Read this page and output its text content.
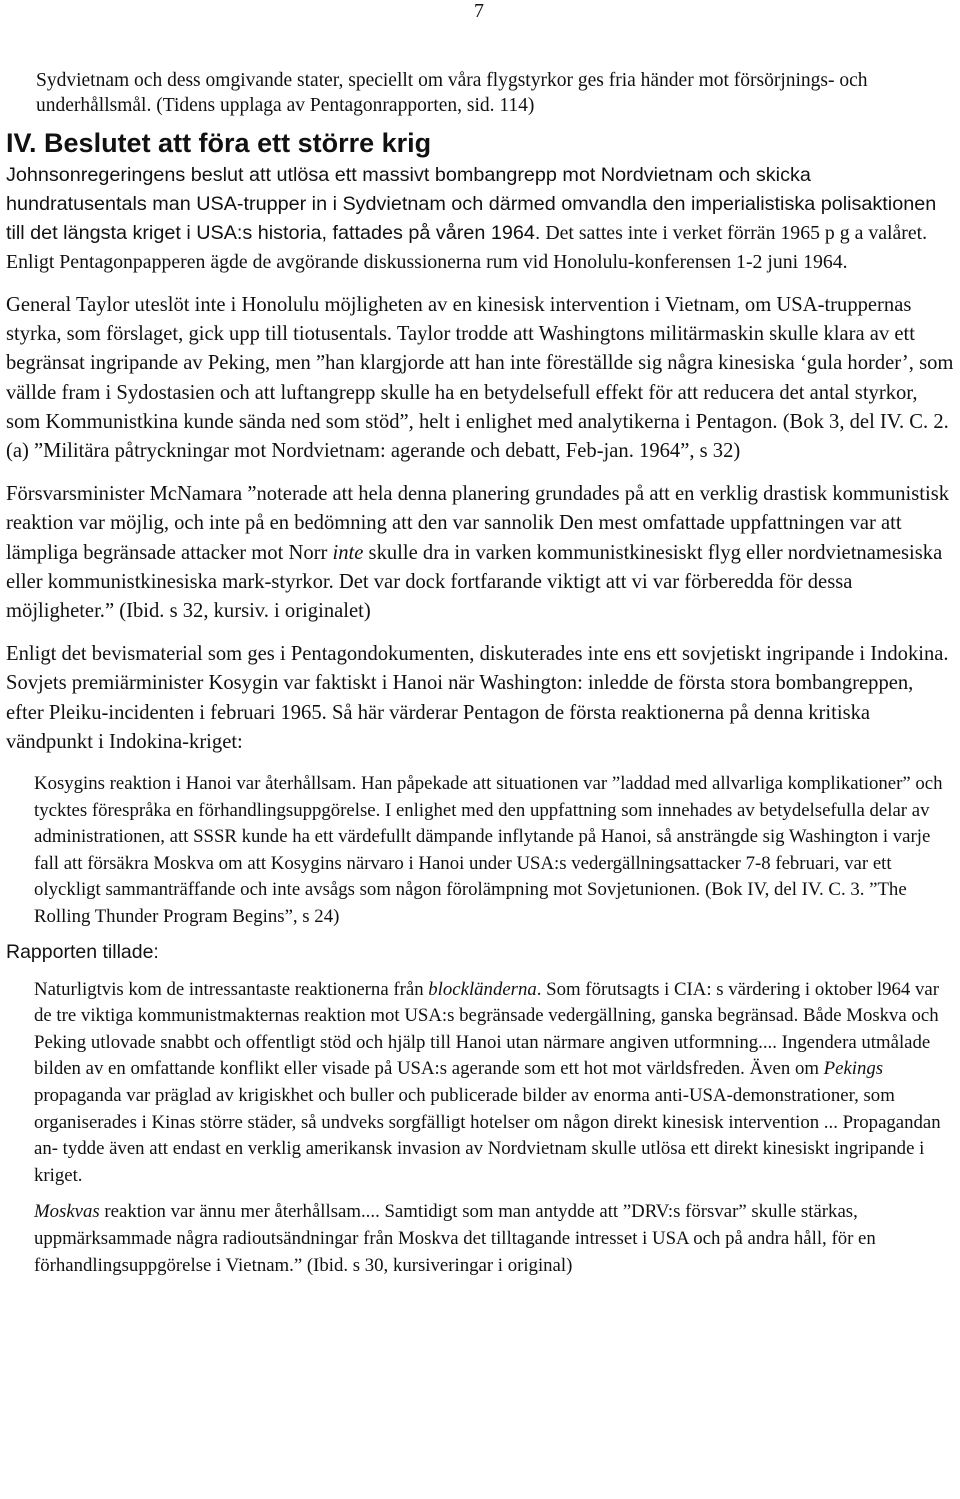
7

Sydvietnam och dess omgivande stater, speciellt om våra flygstyrkor ges fria händer mot försörjnings- och underhållsmål. (Tidens upplaga av Pentagonrapporten, sid. 114)

IV. Beslutet att föra ett större krig

Johnsonregeringens beslut att utlösa ett massivt bombangrepp mot Nordvietnam och skicka hundratusentals man USA-trupper in i Sydvietnam och därmed omvandla den imperialistiska polisaktionen till det längsta kriget i USA:s historia, fattades på våren 1964. Det sattes inte i verket förrän 1965 p g a valåret. Enligt Pentagonpapperen ägde de avgörande diskussionerna rum vid Honolulu-konferensen 1-2 juni 1964.

General Taylor uteslöt inte i Honolulu möjligheten av en kinesisk intervention i Vietnam, om USA-truppernas styrka, som förslaget, gick upp till tiotusentals. Taylor trodde att Washingtons militärmaskin skulle klara av ett begränsat ingripande av Peking, men ”han klargjorde att han inte föreställde sig några kinesiska ‘gula horder’, som vällde fram i Sydostasien och att luftangrepp skulle ha en betydelsefull effekt för att reducera det antal styrkor, som Kommunistkina kunde sända ned som stöd”, helt i enlighet med analytikerna i Pentagon. (Bok 3, del IV. C. 2. (a) ”Militära påtryckningar mot Nordvietnam: agerande och debatt, Feb-jan. 1964”, s 32)

Försvarsminister McNamara ”noterade att hela denna planering grundades på att en verklig drastisk kommunistisk reaktion var möjlig, och inte på en bedömning att den var sannolik Den mest omfattade uppfattningen var att lämpliga begränsade attacker mot Norr inte skulle dra in varken kommunistkinesiskt flyg eller nordvietnamesiska eller kommunistkinesiska mark-styrkor. Det var dock fortfarande viktigt att vi var förberedda för dessa möjligheter.” (Ibid. s 32, kursiv. i originalet)

Enligt det bevismaterial som ges i Pentagondokumenten, diskuterades inte ens ett sovjetiskt ingripande i Indokina. Sovjets premiärminister Kosygin var faktiskt i Hanoi när Washington: inledde de första stora bombangreppen, efter Pleiku-incidenten i februari 1965. Så här värderar Pentagon de första reaktionerna på denna kritiska vändpunkt i Indokina-kriget:

Kosygins reaktion i Hanoi var återhållsam. Han påpekade att situationen var ”laddad med allvarliga komplikationer” och tycktes förespråka en förhandlingsuppgörelse. I enlighet med den uppfattning som innehades av betydelsefulla delar av administrationen, att SSSR kunde ha ett värdefullt dämpande inflytande på Hanoi, så ansträngde sig Washington i varje fall att försäkra Moskva om att Kosygins närvaro i Hanoi under USA:s vedergällningsattacker 7-8 februari, var ett olyckligt sammanträffande och inte avsågs som någon förolämpning mot Sovjetunionen. (Bok IV, del IV. C. 3. ”The Rolling Thunder Program Begins”, s 24)

Rapporten tillade:

Naturligtvis kom de intressantaste reaktionerna från blockländerna. Som förutsagts i CIA: s värdering i oktober l964 var de tre viktiga kommunistmakternas reaktion mot USA:s begränsade vedergällning, ganska begränsad. Både Moskva och Peking utlovade snabbt och offentligt stöd och hjälp till Hanoi utan närmare angiven utformning.... Ingendera utmålade bilden av en omfattande konflikt eller visade på USA:s agerande som ett hot mot världsfreden. Även om Pekings propaganda var präglad av krigiskhet och buller och publicerade bilder av enorma anti-USA-demonstrationer, som organiserades i Kinas större städer, så undveks sorgfälligt hotelser om någon direkt kinesisk intervention ... Propagandan an- tydde även att endast en verklig amerikansk invasion av Nordvietnam skulle utlösa ett direkt kinesiskt ingripande i kriget.

Moskvas reaktion var ännu mer återhållsam.... Samtidigt som man antydde att ”DRV:s försvar” skulle stärkas, uppmärksammade några radioutsändningar från Moskva det tilltagande intresset i USA och på andra håll, för en förhandlingsuppgörelse i Vietnam.” (Ibid. s 30, kursiveringar i original)
